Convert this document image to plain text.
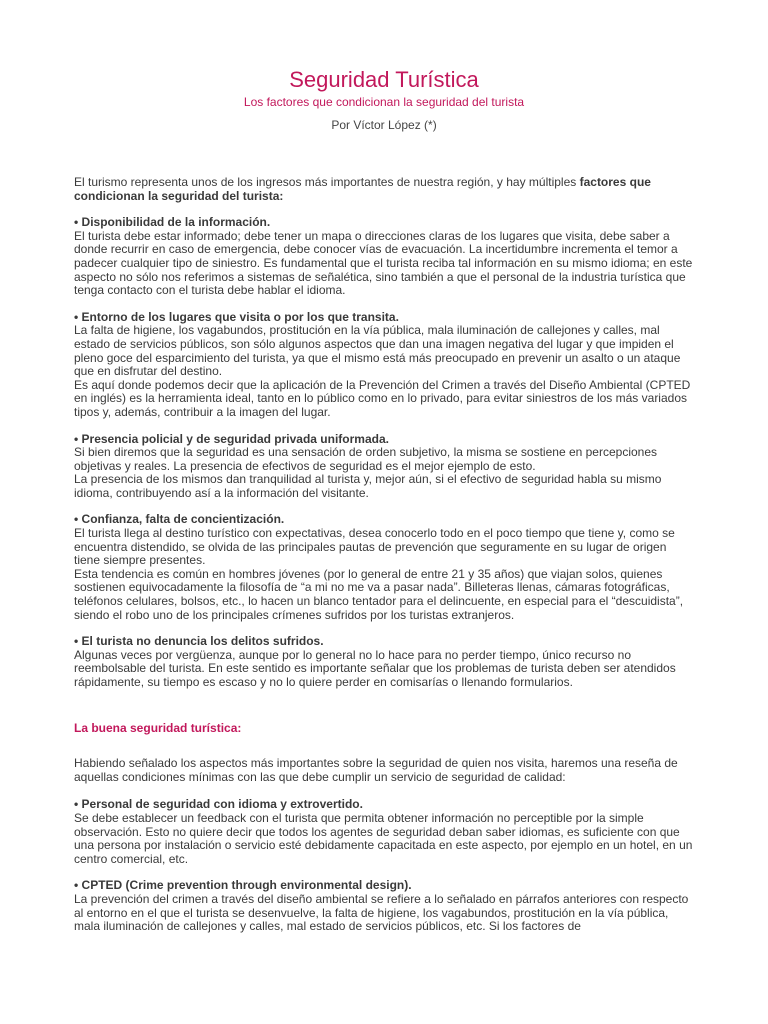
Seguridad Turística
Los factores que condicionan la seguridad del turista
Por Víctor López (*)

El turismo representa unos de los ingresos más importantes de nuestra región, y hay múltiples factores que condicionan la seguridad del turista:

• Disponibilidad de la información.

El turista debe estar informado; debe tener un mapa o direcciones claras de los lugares que visita, debe saber a donde recurrir en caso de emergencia, debe conocer vías de evacuación. La incertidumbre incrementa el temor a padecer cualquier tipo de siniestro. Es fundamental que el turista reciba tal información en su mismo idioma; en este aspecto no sólo nos referimos a sistemas de señalética, sino también a que el personal de la industria turística que tenga contacto con el turista debe hablar el idioma.

• Entorno de los lugares que visita o por los que transita.

La falta de higiene, los vagabundos, prostitución en la vía pública, mala iluminación de callejones y calles, mal estado de servicios públicos, son sólo algunos aspectos que dan una imagen negativa del lugar y que impiden el pleno goce del esparcimiento del turista, ya que el mismo está más preocupado en prevenir un asalto o un ataque que en disfrutar del destino.

Es aquí donde podemos decir que la aplicación de la Prevención del Crimen a través del Diseño Ambiental (CPTED en inglés) es la herramienta ideal, tanto en lo público como en lo privado, para evitar siniestros de los más variados tipos y, además, contribuir a la imagen del lugar.

• Presencia policial y de seguridad privada uniformada.

Si bien diremos que la seguridad es una sensación de orden subjetivo, la misma se sostiene en percepciones objetivas y reales. La presencia de efectivos de seguridad es el mejor ejemplo de esto.

La presencia de los mismos dan tranquilidad al turista y, mejor aún, si el efectivo de seguridad habla su mismo idioma, contribuyendo así a la información del visitante.

• Confianza, falta de concientización.

El turista llega al destino turístico con expectativas, desea conocerlo todo en el poco tiempo que tiene y, como se encuentra distendido, se olvida de las principales pautas de prevención que seguramente en su lugar de origen tiene siempre presentes.

Esta tendencia es común en hombres jóvenes (por lo general de entre 21 y 35 años) que viajan solos, quienes sostienen equivocadamente la filosofía de “a mi no me va a pasar nada”. Billeteras llenas, cámaras fotográficas, teléfonos celulares, bolsos, etc., lo hacen un blanco tentador para el delincuente, en especial para el “descuidista”, siendo el robo uno de los principales crímenes sufridos por los turistas extranjeros.

• El turista no denuncia los delitos sufridos.

Algunas veces por vergüenza, aunque por lo general no lo hace para no perder tiempo, único recurso no reembolsable del turista. En este sentido es importante señalar que los problemas de turista deben ser atendidos rápidamente, su tiempo es escaso y no lo quiere perder en comisarías o llenando formularios.

La buena seguridad turística:

Habiendo señalado los aspectos más importantes sobre la seguridad de quien nos visita, haremos una reseña de aquellas condiciones mínimas con las que debe cumplir un servicio de seguridad de calidad:

• Personal de seguridad con idioma y extrovertido.

Se debe establecer un feedback con el turista que permita obtener información no perceptible por la simple observación. Esto no quiere decir que todos los agentes de seguridad deban saber idiomas, es suficiente con que una persona por instalación o servicio esté debidamente capacitada en este aspecto, por ejemplo en un hotel, en un centro comercial, etc.

• CPTED (Crime prevention through environmental design).

La prevención del crimen a través del diseño ambiental se refiere a lo señalado en párrafos anteriores con respecto al entorno en el que el turista se desenvuelve, la falta de higiene, los vagabundos, prostitución en la vía pública, mala iluminación de callejones y calles, mal estado de servicios públicos, etc. Si los factores de
